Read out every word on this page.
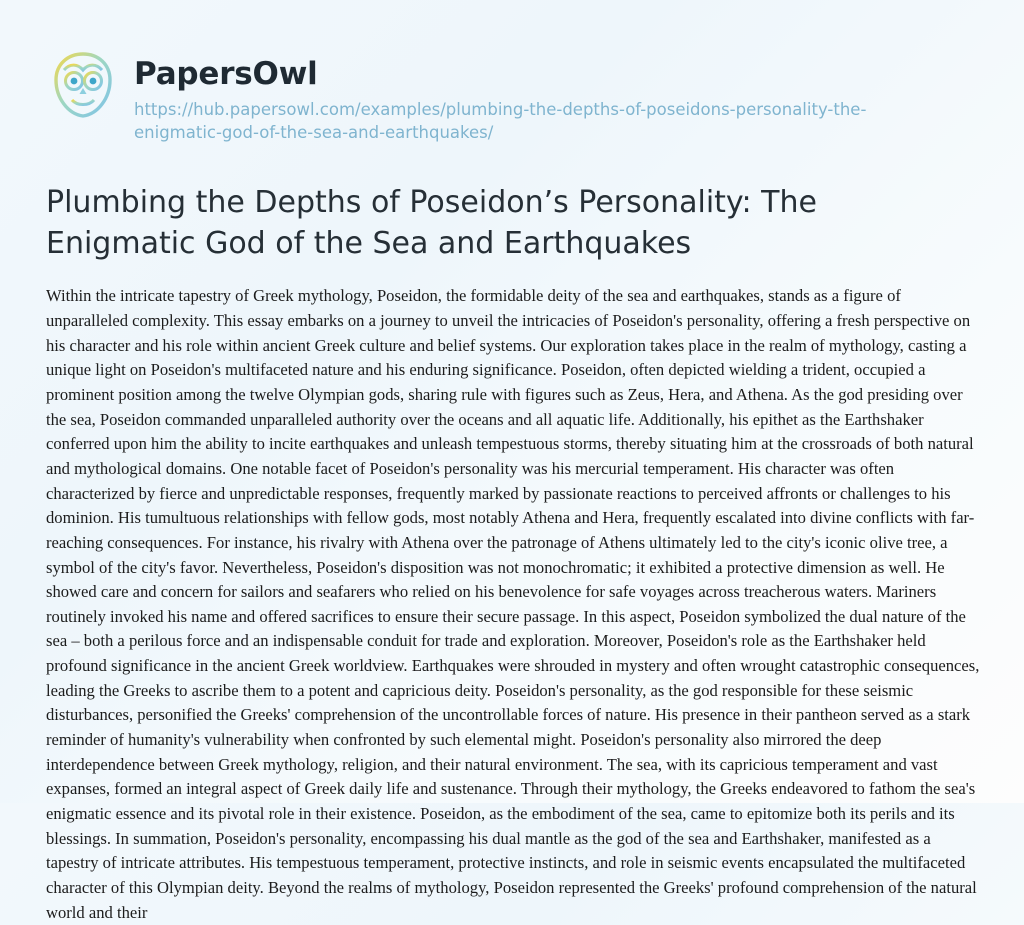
PapersOwl
https://hub.papersowl.com/examples/plumbing-the-depths-of-poseidons-personality-the-enigmatic-god-of-the-sea-and-earthquakes/
Plumbing the Depths of Poseidon’s Personality: The Enigmatic God of the Sea and Earthquakes

Within the intricate tapestry of Greek mythology, Poseidon, the formidable deity of the sea and earthquakes, stands as a figure of unparalleled complexity. This essay embarks on a journey to unveil the intricacies of Poseidon's personality, offering a fresh perspective on his character and his role within ancient Greek culture and belief systems. Our exploration takes place in the realm of mythology, casting a unique light on Poseidon's multifaceted nature and his enduring significance. Poseidon, often depicted wielding a trident, occupied a prominent position among the twelve Olympian gods, sharing rule with figures such as Zeus, Hera, and Athena. As the god presiding over the sea, Poseidon commanded unparalleled authority over the oceans and all aquatic life. Additionally, his epithet as the Earthshaker conferred upon him the ability to incite earthquakes and unleash tempestuous storms, thereby situating him at the crossroads of both natural and mythological domains. One notable facet of Poseidon's personality was his mercurial temperament. His character was often characterized by fierce and unpredictable responses, frequently marked by passionate reactions to perceived affronts or challenges to his dominion. His tumultuous relationships with fellow gods, most notably Athena and Hera, frequently escalated into divine conflicts with far-reaching consequences. For instance, his rivalry with Athena over the patronage of Athens ultimately led to the city's iconic olive tree, a symbol of the city's favor. Nevertheless, Poseidon's disposition was not monochromatic; it exhibited a protective dimension as well. He showed care and concern for sailors and seafarers who relied on his benevolence for safe voyages across treacherous waters. Mariners routinely invoked his name and offered sacrifices to ensure their secure passage. In this aspect, Poseidon symbolized the dual nature of the sea – both a perilous force and an indispensable conduit for trade and exploration. Moreover, Poseidon's role as the Earthshaker held profound significance in the ancient Greek worldview. Earthquakes were shrouded in mystery and often wrought catastrophic consequences, leading the Greeks to ascribe them to a potent and capricious deity. Poseidon's personality, as the god responsible for these seismic disturbances, personified the Greeks' comprehension of the uncontrollable forces of nature. His presence in their pantheon served as a stark reminder of humanity's vulnerability when confronted by such elemental might. Poseidon's personality also mirrored the deep interdependence between Greek mythology, religion, and their natural environment. The sea, with its capricious temperament and vast expanses, formed an integral aspect of Greek daily life and sustenance. Through their mythology, the Greeks endeavored to fathom the sea's enigmatic essence and its pivotal role in their existence. Poseidon, as the embodiment of the sea, came to epitomize both its perils and its blessings. In summation, Poseidon's personality, encompassing his dual mantle as the god of the sea and Earthshaker, manifested as a tapestry of intricate attributes. His tempestuous temperament, protective instincts, and role in seismic events encapsulated the multifaceted character of this Olympian deity. Beyond the realms of mythology, Poseidon represented the Greeks' profound comprehension of the natural world and their
